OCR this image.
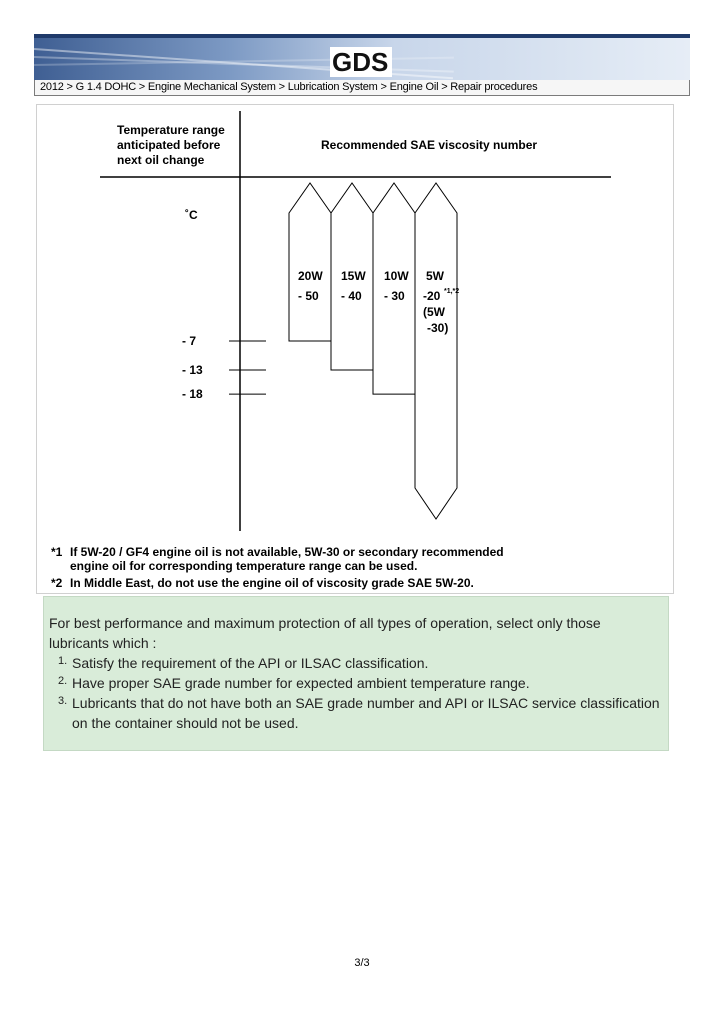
GDS
2012 > G 1.4 DOHC > Engine Mechanical System > Lubrication System > Engine Oil > Repair procedures
Temperature range
anticipated before
next oil change
Recommended SAE viscosity number
˚C
- 7
- 13
- 18
20W
- 50
15W
- 40
10W
- 30
5W
-20 *1,*2
(5W
-30)
*1 If 5W-20 / GF4 engine oil is not available, 5W-30 or secondary recommended
engine oil for corresponding temperature range can be used.
*2 In Middle East, do not use the engine oil of viscosity grade SAE 5W-20.
For best performance and maximum protection of all types of operation, select only those lubricants which :
1. Satisfy the requirement of the API or ILSAC classification.
2. Have proper SAE grade number for expected ambient temperature range.
3. Lubricants that do not have both an SAE grade number and API or ILSAC service classification on the container should not be used.
3/3
